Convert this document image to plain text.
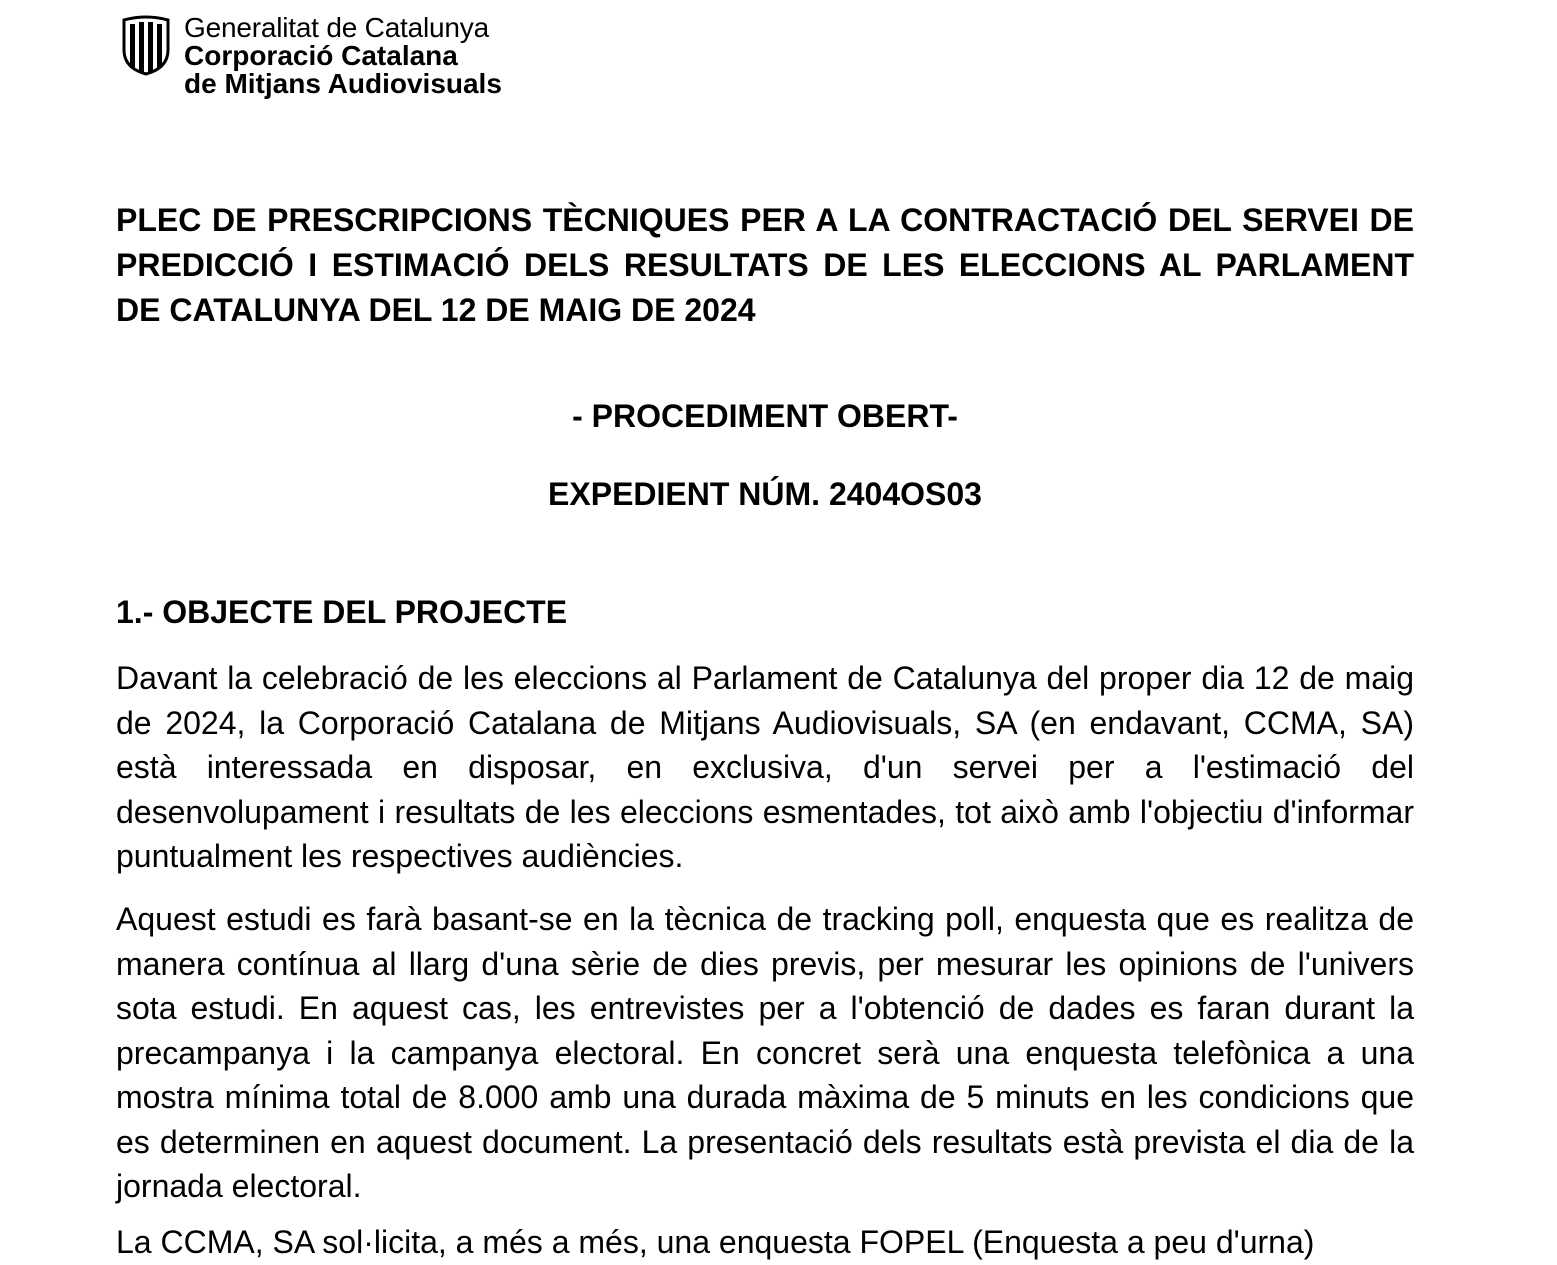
Generalitat de Catalunya
Corporació Catalana
de Mitjans Audiovisuals
PLEC DE PRESCRIPCIONS TÈCNIQUES PER A LA CONTRACTACIÓ DEL SERVEI DE PREDICCIÓ I ESTIMACIÓ DELS RESULTATS DE LES ELECCIONS AL PARLAMENT DE CATALUNYA DEL 12 DE MAIG DE 2024

- PROCEDIMENT OBERT-

EXPEDIENT NÚM. 2404OS03

1.- OBJECTE DEL PROJECTE

Davant la celebració de les eleccions al Parlament de Catalunya del proper dia 12 de maig de 2024, la Corporació Catalana de Mitjans Audiovisuals, SA (en endavant, CCMA, SA) està interessada en disposar, en exclusiva, d'un servei per a l'estimació del desenvolupament i resultats de les eleccions esmentades, tot això amb l'objectiu d'informar puntualment les respectives audiències.

Aquest estudi es farà basant-se en la tècnica de tracking poll, enquesta que es realitza de manera contínua al llarg d'una sèrie de dies previs, per mesurar les opinions de l'univers sota estudi. En aquest cas, les entrevistes per a l'obtenció de dades es faran durant la precampanya i la campanya electoral. En concret serà una enquesta telefònica a una mostra mínima total de 8.000 amb una durada màxima de 5 minuts en les condicions que es determinen en aquest document. La presentació dels resultats està prevista el dia de la jornada electoral.

La CCMA, SA sol·licita, a més a més, una enquesta FOPEL (Enquesta a peu d'urna)
